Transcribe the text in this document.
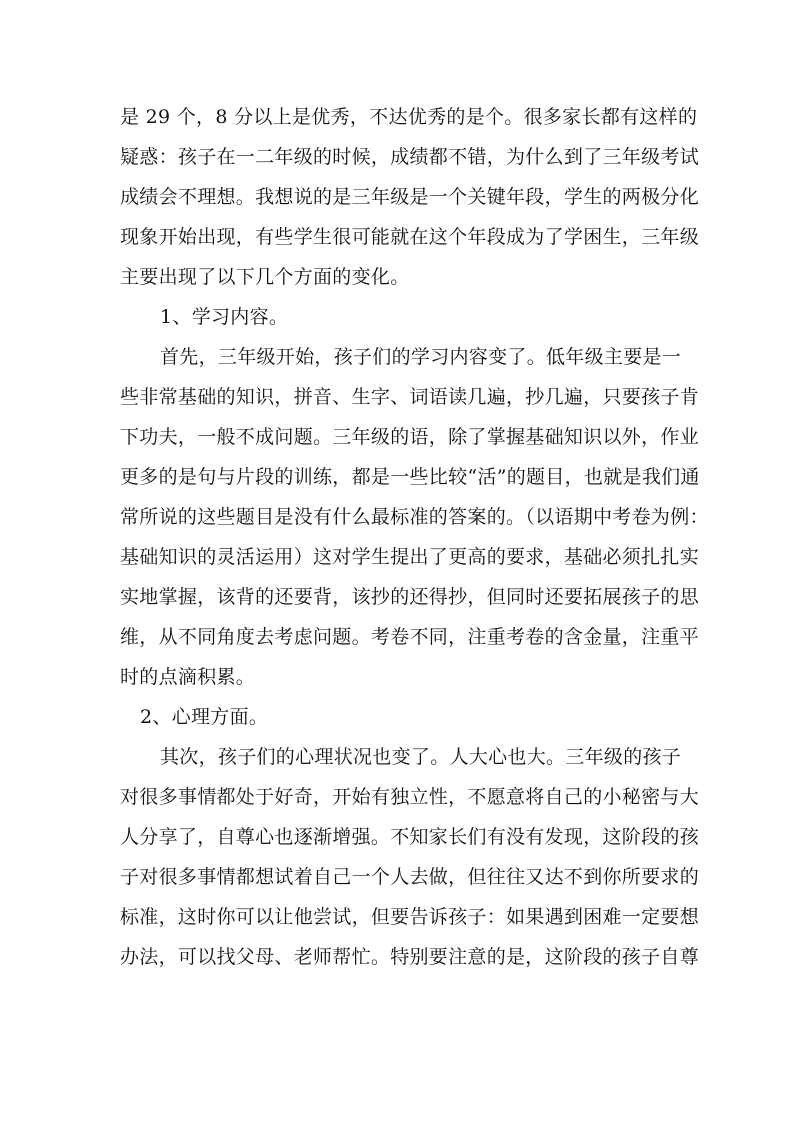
是 29 个，8 分以上是优秀，不达优秀的是个。很多家长都有这样的

疑惑：孩子在一二年级的时候，成绩都不错，为什么到了三年级考试

成绩会不理想。我想说的是三年级是一个关键年段，学生的两极分化

现象开始出现，有些学生很可能就在这个年段成为了学困生，三年级

主要出现了以下几个方面的变化。

1、学习内容。

首先，三年级开始，孩子们的学习内容变了。低年级主要是一

些非常基础的知识，拼音、生字、词语读几遍，抄几遍，只要孩子肯

下功夫，一般不成问题。三年级的语，除了掌握基础知识以外，作业

更多的是句与片段的训练，都是一些比较“活”的题目，也就是我们通

常所说的这些题目是没有什么最标准的答案的。（以语期中考卷为例：

基础知识的灵活运用）这对学生提出了更高的要求，基础必须扎扎实

实地掌握，该背的还要背，该抄的还得抄，但同时还要拓展孩子的思

维，从不同角度去考虑问题。考卷不同，注重考卷的含金量，注重平

时的点滴积累。

2、心理方面。

其次，孩子们的心理状况也变了。人大心也大。三年级的孩子

对很多事情都处于好奇，开始有独立性，不愿意将自己的小秘密与大

人分享了，自尊心也逐渐增强。不知家长们有没有发现，这阶段的孩

子对很多事情都想试着自己一个人去做，但往往又达不到你所要求的

标准，这时你可以让他尝试，但要告诉孩子：如果遇到困难一定要想

办法，可以找父母、老师帮忙。特别要注意的是，这阶段的孩子自尊
